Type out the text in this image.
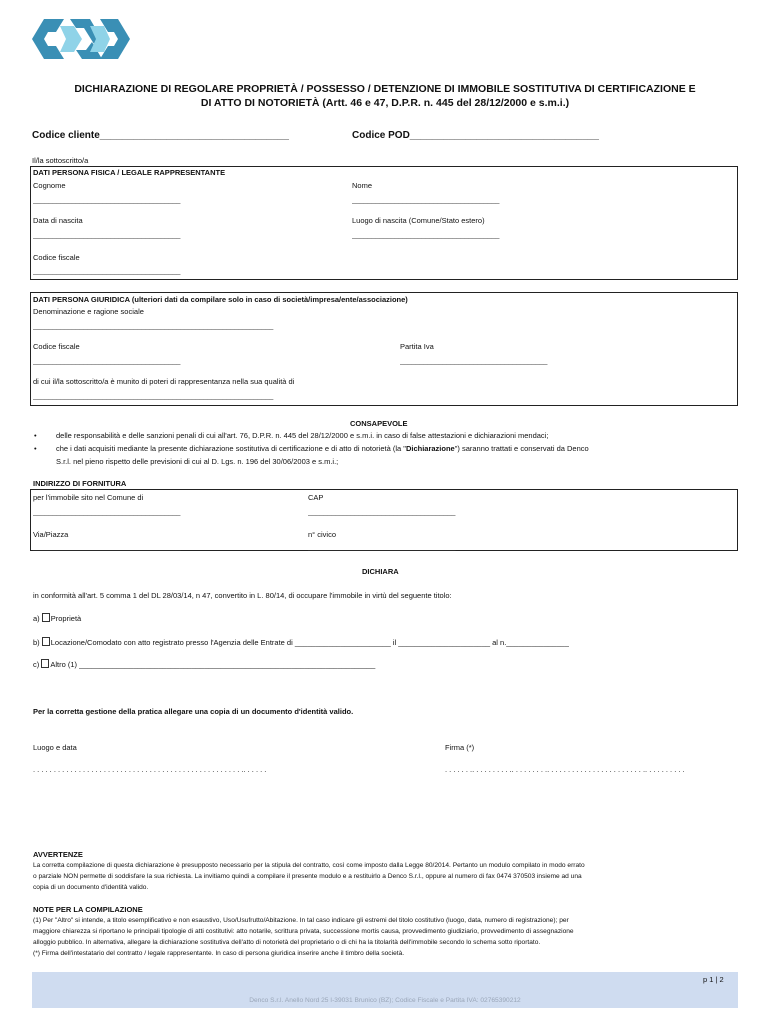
DICHIARAZIONE DI REGOLARE PROPRIETÀ / POSSESSO / DETENZIONE DI IMMOBILE SOSTITUTIVA DI CERTIFICAZIONE E
DI ATTO DI NOTORIETÀ (Artt. 46 e 47, D.P.R. n. 445 del 28/12/2000 e s.m.i.)
Codice cliente__________________________________	Codice POD__________________________________
Il/la sottoscritto/a
DATI PERSONA FISICA / LEGALE RAPPRESENTANTE
Cognome
______________________________________
Nome
______________________________________
Data di nascita
______________________________________
Luogo di nascita (Comune/Stato estero)
______________________________________
Codice fiscale
______________________________________
DATI PERSONA GIURIDICA (ulteriori dati da compilare solo in caso di società/impresa/ente/associazione)
Denominazione e ragione sociale
______________________________________________________________
Codice fiscale
______________________________________
Partita Iva
______________________________________
di cui il/la sottoscritto/a è munito di poteri di rappresentanza nella sua qualità di
______________________________________________________________
CONSAPEVOLE
•	delle responsabilità e delle sanzioni penali di cui all'art. 76, D.P.R. n. 445 del 28/12/2000 e s.m.i. in caso di false attestazioni e dichiarazioni mendaci;
•	che i dati acquisiti mediante la presente dichiarazione sostitutiva di certificazione e di atto di notorietà (la "Dichiarazione") saranno trattati e conservati da Denco
S.r.l. nel pieno rispetto delle previsioni di cui al D. Lgs. n. 196 del 30/06/2003 e s.m.i.;
INDIRIZZO DI FORNITURA
per l'immobile sito nel Comune di
______________________________________
CAP
______________________________________
Via/Piazza
______________________________________
n° civico
______________________________________
DICHIARA
in conformità all'art. 5 comma 1 del DL 28/03/14, n 47, convertito in L. 80/14, di occupare l'immobile in virtù del seguente titolo:
a) Proprietà
b) Locazione/Comodato con atto registrato presso l'Agenzia delle Entrate di _______________________ il ______________________ al n._______________
c) Altro (1) _______________________________________________________________________
Per la corretta gestione della pratica allegare una copia di un documento d'identità valido.
Luogo e data	Firma (*)
. . . . . . . . . . . . . . . . . . . . . . . . . . . . . . . . . . . . . . . . . . . . . . . . . . .. . . . . .	. . . . . . .. . . . . . . . . .. . . . . . . . .. . . . . . . . . . . . . . . . . . . . . . . .. . . . . . . . . .
AVVERTENZE
La corretta compilazione di questa dichiarazione è presupposto necessario per la stipula del contratto, così come imposto dalla Legge 80/2014. Pertanto un modulo compilato in modo errato
o parziale NON permette di soddisfare la sua richiesta. La invitiamo quindi a compilare il presente modulo e a restituirlo a Denco S.r.l., oppure al numero di fax 0474 370503 insieme ad una
copia di un documento d'identità valido.
NOTE PER LA COMPILAZIONE
(1) Per "Altro" si intende, a titolo esemplificativo e non esaustivo, Uso/Usufrutto/Abitazione. In tal caso indicare gli estremi del titolo costitutivo (luogo, data, numero di registrazione); per
maggiore chiarezza si riportano le principali tipologie di atti costitutivi: atto notarile, scrittura privata, successione mortis causa, provvedimento giudiziario, provvedimento di assegnazione
alloggio pubblico. In alternativa, allegare la dichiarazione sostitutiva dell'atto di notorietà del proprietario o di chi ha la titolarità dell'immobile secondo lo schema sotto riportato.
(*) Firma dell'intestatario del contratto / legale rappresentante. In caso di persona giuridica inserire anche il timbro della società.
p 1 | 2
Denco S.r.l. Anello Nord 25 I-39031 Brunico (BZ); Codice Fiscale e Partita IVA: 02765390212
